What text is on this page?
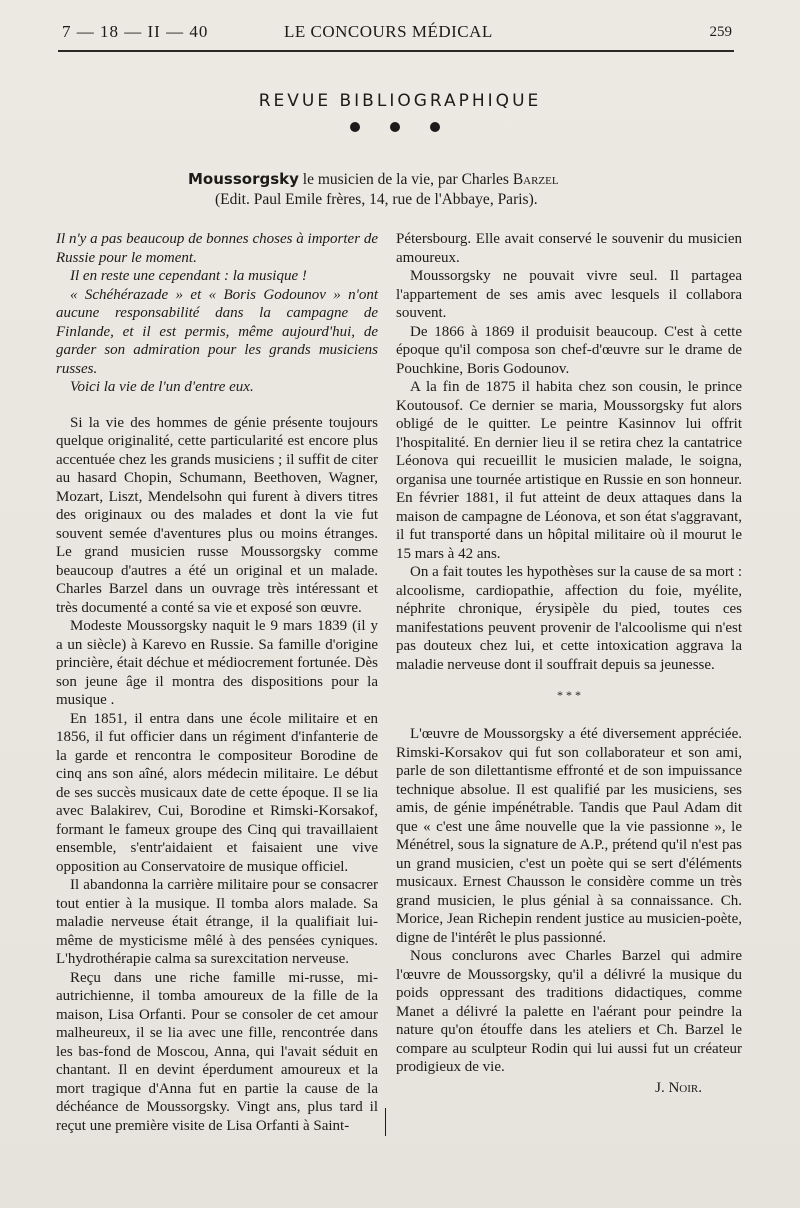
7 — 18 — II — 40	LE CONCOURS MÉDICAL	259
REVUE BIBLIOGRAPHIQUE
Moussorgsky le musicien de la vie, par Charles Barzel
(Edit. Paul Emile frères, 14, rue de l'Abbaye, Paris).

Il n'y a pas beaucoup de bonnes choses à importer de Russie pour le moment.

Il en reste une cependant : la musique !

« Schéhérazade » et « Boris Godounov » n'ont aucune responsabilité dans la campagne de Finlande, et il est permis, même aujourd'hui, de garder son admiration pour les grands musiciens russes.

Voici la vie de l'un d'entre eux.

Si la vie des hommes de génie présente toujours quelque originalité, cette particularité est encore plus accentuée chez les grands musiciens ; il suffit de citer au hasard Chopin, Schumann, Beethoven, Wagner, Mozart, Liszt, Mendelsohn qui furent à divers titres des originaux ou des malades et dont la vie fut souvent semée d'aventures plus ou moins étranges. Le grand musicien russe Moussorgsky comme beaucoup d'autres a été un original et un malade. Charles Barzel dans un ouvrage très intéressant et très documenté a conté sa vie et exposé son œuvre.

Modeste Moussorgsky naquit le 9 mars 1839 (il y a un siècle) à Karevo en Russie. Sa famille d'origine princière, était déchue et médiocrement fortunée. Dès son jeune âge il montra des dispositions pour la musique .

En 1851, il entra dans une école militaire et en 1856, il fut officier dans un régiment d'infanterie de la garde et rencontra le compositeur Borodine de cinq ans son aîné, alors médecin militaire. Le début de ses succès musicaux date de cette époque. Il se lia avec Balakirev, Cui, Borodine et Rimski-Korsakof, formant le fameux groupe des Cinq qui travaillaient ensemble, s'entr'aidaient et faisaient une vive opposition au Conservatoire de musique officiel.

Il abandonna la carrière militaire pour se consacrer tout entier à la musique. Il tomba alors malade. Sa maladie nerveuse était étrange, il la qualifiait lui-même de mysticisme mêlé à des pensées cyniques. L'hydrothérapie calma sa surexcitation nerveuse.

Reçu dans une riche famille mi-russe, mi-autrichienne, il tomba amoureux de la fille de la maison, Lisa Orfanti. Pour se consoler de cet amour malheureux, il se lia avec une fille, rencontrée dans les bas-fond de Moscou, Anna, qui l'avait séduit en chantant. Il en devint éperdument amoureux et la mort tragique d'Anna fut en partie la cause de la déchéance de Moussorgsky. Vingt ans, plus tard il reçut une première visite de Lisa Orfanti à Saint-

Pétersbourg. Elle avait conservé le souvenir du musicien amoureux.

Moussorgsky ne pouvait vivre seul. Il partagea l'appartement de ses amis avec lesquels il collabora souvent.

De 1866 à 1869 il produisit beaucoup. C'est à cette époque qu'il composa son chef-d'œuvre sur le drame de Pouchkine, Boris Godounov.

A la fin de 1875 il habita chez son cousin, le prince Koutousof. Ce dernier se maria, Moussorgsky fut alors obligé de le quitter. Le peintre Kasinnov lui offrit l'hospitalité. En dernier lieu il se retira chez la cantatrice Léonova qui recueillit le musicien malade, le soigna, organisa une tournée artistique en Russie en son honneur. En février 1881, il fut atteint de deux attaques dans la maison de campagne de Léonova, et son état s'aggravant, il fut transporté dans un hôpital militaire où il mourut le 15 mars à 42 ans.

On a fait toutes les hypothèses sur la cause de sa mort : alcoolisme, cardiopathie, affection du foie, myélite, néphrite chronique, érysipèle du pied, toutes ces manifestations peuvent provenir de l'alcoolisme qui n'est pas douteux chez lui, et cette intoxication aggrava la maladie nerveuse dont il souffrait depuis sa jeunesse.

* * *

L'œuvre de Moussorgsky a été diversement appréciée. Rimski-Korsakov qui fut son collaborateur et son ami, parle de son dilettantisme effronté et de son impuissance technique absolue. Il est qualifié par les musiciens, ses amis, de génie impénétrable. Tandis que Paul Adam dit que « c'est une âme nouvelle que la vie passionne », le Ménétrel, sous la signature de A.P., prétend qu'il n'est pas un grand musicien, c'est un poète qui se sert d'éléments musicaux. Ernest Chausson le considère comme un très grand musicien, le plus génial à sa connaissance. Ch. Morice, Jean Richepin rendent justice au musicien-poète, digne de l'intérêt le plus passionné.

Nous conclurons avec Charles Barzel qui admire l'œuvre de Moussorgsky, qu'il a délivré la musique du poids oppressant des traditions didactiques, comme Manet a délivré la palette en l'aérant pour peindre la nature qu'on étouffe dans les ateliers et Ch. Barzel le compare au sculpteur Rodin qui lui aussi fut un créateur prodigieux de vie.

J. Noir.
